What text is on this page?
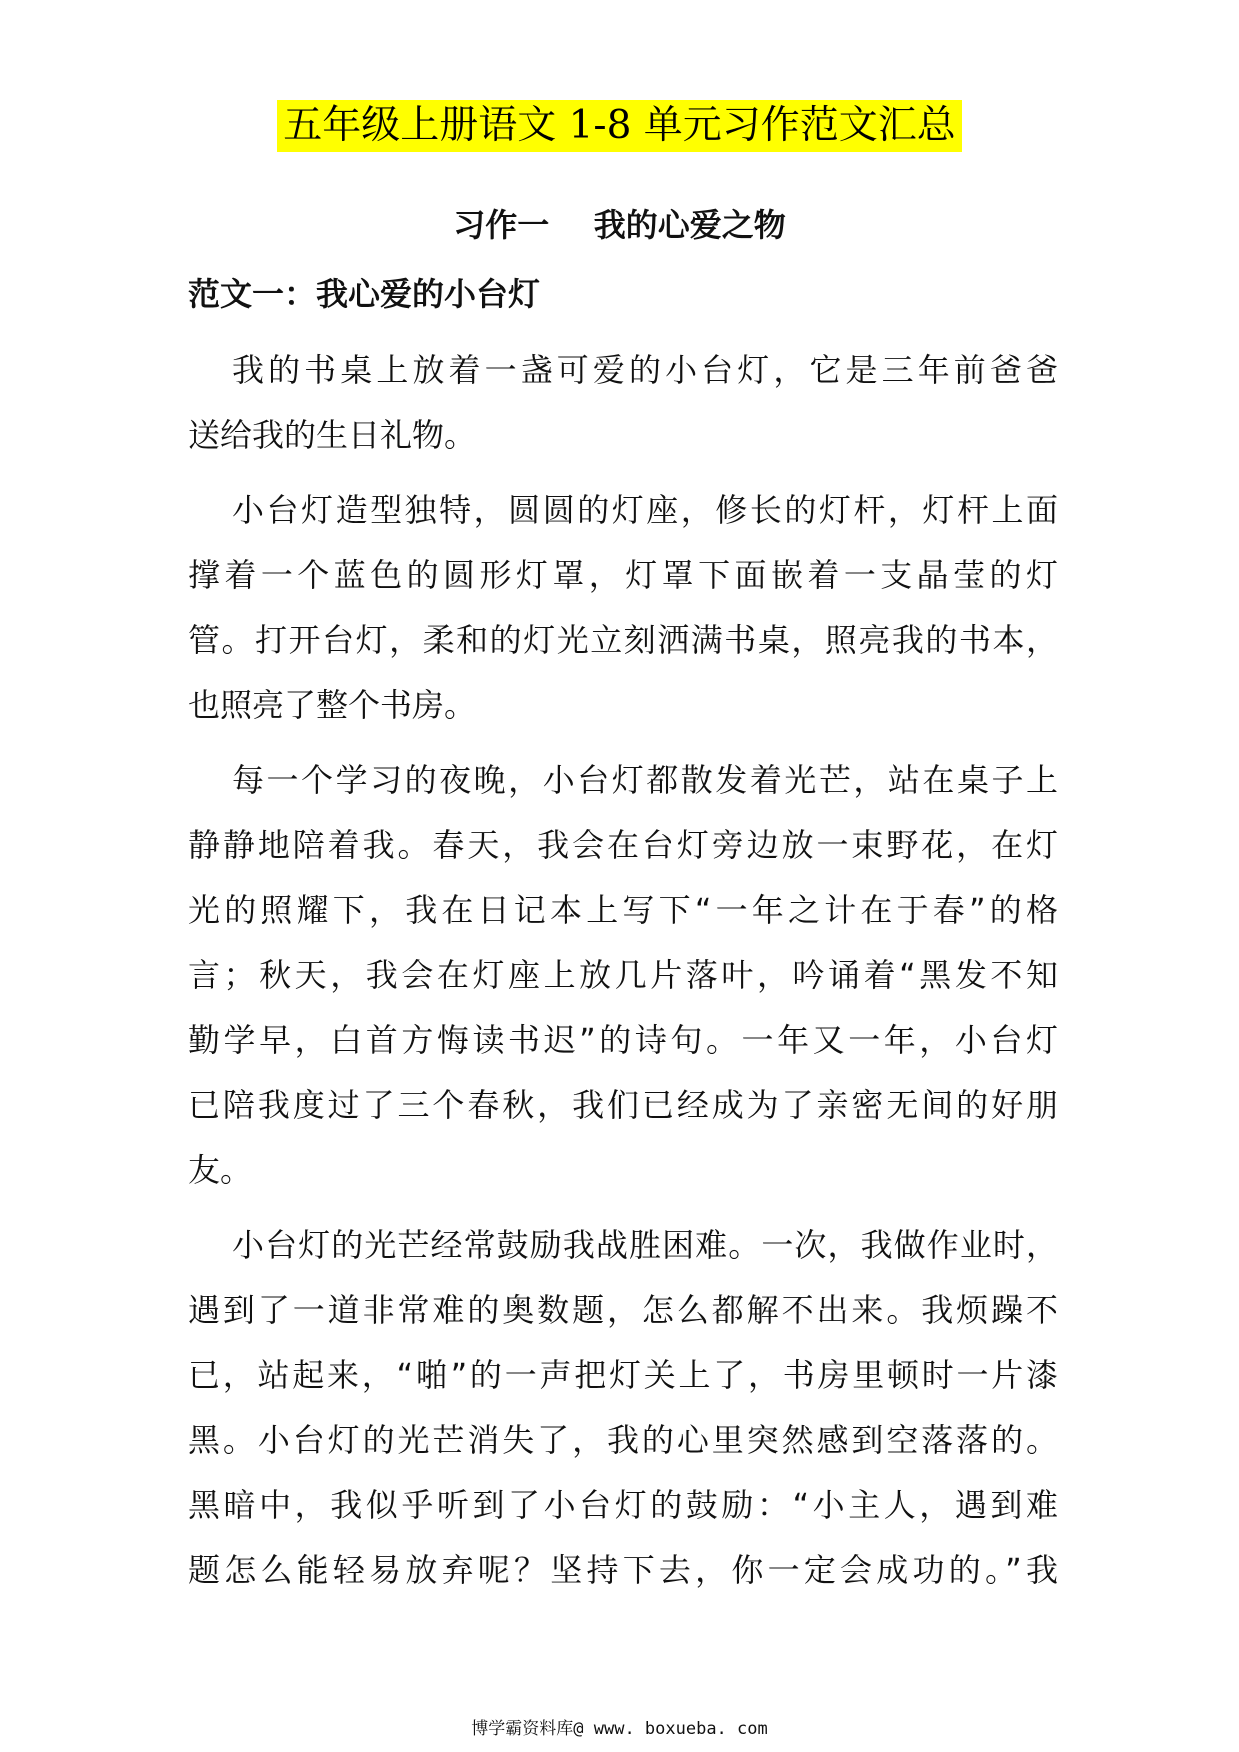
五年级上册语文 1-8 单元习作范文汇总
习作一    我的心爱之物
范文一：我心爱的小台灯
我的书桌上放着一盏可爱的小台灯，它是三年前爸爸
送给我的生日礼物。
小台灯造型独特，圆圆的灯座，修长的灯杆，灯杆上面
撑着一个蓝色的圆形灯罩，灯罩下面嵌着一支晶莹的灯
管。打开台灯，柔和的灯光立刻洒满书桌，照亮我的书本，
也照亮了整个书房。
每一个学习的夜晚，小台灯都散发着光芒，站在桌子上
静静地陪着我。春天，我会在台灯旁边放一束野花，在灯
光的照耀下，我在日记本上写下“一年之计在于春”的格
言；秋天，我会在灯座上放几片落叶，吟诵着“黑发不知
勤学早，白首方悔读书迟”的诗句。一年又一年，小台灯
已陪我度过了三个春秋，我们已经成为了亲密无间的好朋
友。
小台灯的光芒经常鼓励我战胜困难。一次，我做作业时，
遇到了一道非常难的奥数题，怎么都解不出来。我烦躁不
已，站起来，“啪”的一声把灯关上了，书房里顿时一片漆
黑。小台灯的光芒消失了，我的心里突然感到空落落的。
黑暗中，我似乎听到了小台灯的鼓励：“小主人，遇到难
题怎么能轻易放弃呢？坚持下去，你一定会成功的。”我
博学霸资料库@ www. boxueba. com
